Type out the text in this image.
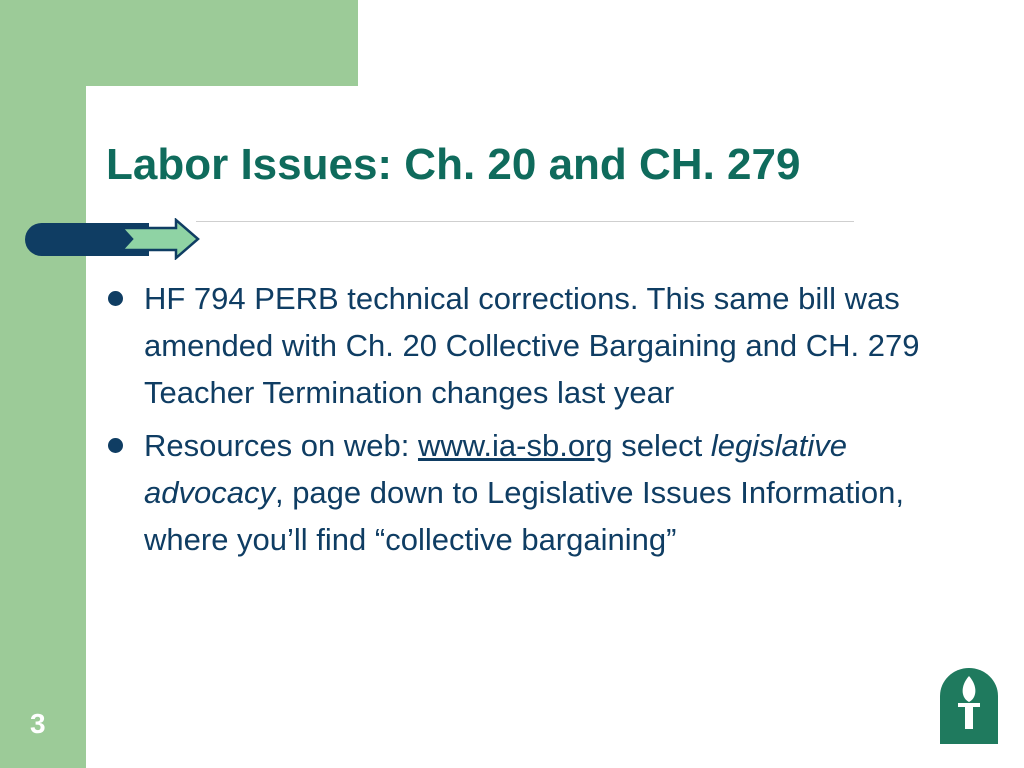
Labor Issues: Ch. 20 and CH. 279
HF 794 PERB technical corrections. This same bill was amended with Ch. 20 Collective Bargaining and CH. 279 Teacher Termination changes last year
Resources on web: www.ia-sb.org select legislative advocacy, page down to Legislative Issues Information, where you’ll find “collective bargaining”
3
